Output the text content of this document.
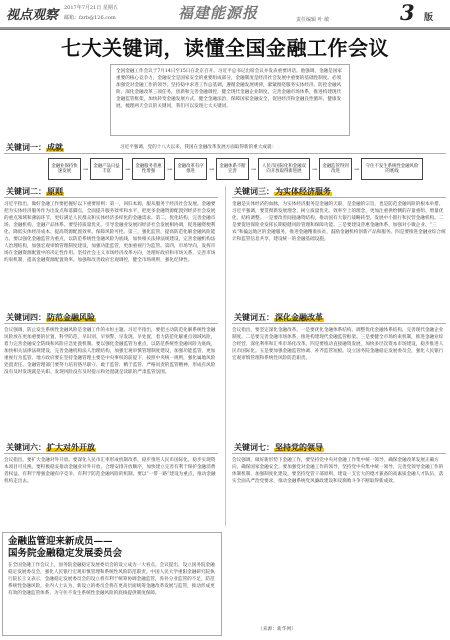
视点观察 2017年7月21日 星期五
邮箱：fzrb@126.com	福建能源报	责任编辑 叶 敏	3 版
七大关键词，读懂全国金融工作会议
全国金融工作会议于7月14日至15日在北京召开。习近平总书记出席会议并发表重要讲话。他强调，金融是国家重要的核心竞争力，金融安全是国家安全的重要组成部分，金融制度是经济社会发展中重要的基础性制度。必须加强党对金融工作的领导，坚持稳中求进工作总基调，遵循金融发展规律，紧紧围绕服务实体经济、防控金融风险、深化金融改革三项任务，创新和完善金融调控，健全现代金融企业制度，完善金融市场体系，推进构建现代金融监管框架，加快转变金融发展方式，健全金融法治，保障国家金融安全，促进经济和金融良性循环、健康发展。梳理两天会议的关键词，我们可以发现七大关键词。
关键词一：成就	习近平强调，党的十八大以来，我国在金融改革发展方面取得新的重大成就：
金融业保持快速发展	→	金融产品日益丰富	→	金融服务普惠性增强	→	金融改革有序推进	→	金融体系不断完善	→	人民币国际化和金融双向开放取得新进展	→	金融监管得到改进	→	守住不发生系统性金融风险的底线
关键词二：原则
习近平指出，做好金融工作要把握好以下重要原则：第一，回归本源，服从服务于经济社会发展。金融要把为实体经济服务作为出发点和落脚点，全面提升服务效率和水平，把更多金融资源配置到经济社会发展的重点领域和薄弱环节，更好满足人民群众和实体经济多样化的金融需求。第二，优化结构，完善金融市场、金融机构、金融产品体系。要坚持质量优先，引导金融业发展同经济社会发展相协调，促进融资便利化、降低实体经济成本、提高资源配置效率、保障风险可控。第三，强化监管，提高防范化解金融风险能力。要以强化金融监管为重点，以防范系统性金融风险为底线，加快相关法律法规建设，完善金融机构法人治理结构，加强宏观审慎管理制度建设，加强功能监管，更加重视行为监管。第四，市场导向，发挥市场在金融资源配置中的决定性作用。坚持社会主义市场经济改革方向，处理好政府和市场关系，完善市场约束机制，提高金融资源配置效率。加强和改善政府宏观调控，健全市场规则，强化纪律性。
关键词三：为实体经济服务
金融是实体经济的血脉，为实体经济服务是金融的天职，是金融的宗旨，也是防范金融风险的根本举措。习近平强调，要贯彻新发展理念，树立质量优先、效率至上的理念，更加注重供给侧的存量重组、增量优化、结构调整。一是要改善间接融资结构，推动国有大银行战略转型，发展中小银行和民营金融机构。二是要促进保险业发挥长期稳健风险管理和保障功能。三是要建设普惠金融体系，加强对小微企业、“三农”和偏远地区的金融服务，推进金融精准扶贫，鼓励金融机构创新产品和服务。四是要推进金融业综合统计和监管信息共享，建设统一的金融基础设施。
关键词四：防范金融风险
会议强调，防止发生系统性金融风险是金融工作的永恒主题。习近平指出，要把主动防范化解系统性金融风险放在更加重要的位置，科学防范，早识别、早预警、早发现、早处置，着力防范化解重点领域风险，着力完善金融安全防线和风险应急处置机制。要以强化金融监管为重点，以防范系统性金融风险为底线，加快相关法律法规建设，完善金融机构法人治理结构，加强宏观审慎管理制度建设，加强功能监管，更加重视行为监管。地方政府要在坚持金融管理主要是中央事权的前提下，按照中央统一规则，强化属地风险处置责任。金融管理部门要努力培育恪尽职守、敢于监管、精于监管、严格问责的监管精神，形成有风险没有及时发现就是失职、发现风险没有及时提示和处置就是渎职的严肃监管氛围。
关键词五：深化金融改革
会议指出，要坚定深化金融改革。一是要优化金融体系结构，调整优化金融体系结构，完善现代金融企业制度。二是要完善金融市场体系，推进构建现代金融监管框架。三是要健全市场约束机制，推进金融业综合经营，深化利率和汇率市场化改革。四是要推动直接融资发展，加快多层次资本市场建设，稳步推进人民币国际化。五是要加强金融监管协调、补齐监管短板。设立国务院金融稳定发展委员会，强化人民银行宏观审慎管理和系统性风险防范职责。
关键词六：扩大对外开放
会议指出，要扩大金融对外开放。要深化人民币汇率形成机制改革，稳步推进人民币国际化，稳步实现资本项目可兑换。要积极稳妥推动金融业对外开放，合理安排开放顺序，加快建立完善有利于保护金融消费者权益、有利于增强金融有序竞争、有利于防范金融风险的机制。要以“一带一路”建设为重点，推动金融机构走出去。
关键词七：坚持党的领导
会议强调，做好新形势下金融工作，要坚持党中央对金融工作集中统一领导，确保金融改革发展正确方向，确保国家金融安全。要加强党对金融工作的领导，坚持党中央集中统一领导，完善党领导金融工作的体制机制，加强制度化建设。要坚持党管干部原则，建设一支宏大的德才兼备的高素质金融人才队伍，落实全面从严治党要求，推动金融系统党风廉政建设和反腐败斗争不断取得新成效。
金融监管迎来新成员——
国务院金融稳定发展委员会
在全国金融工作会议上，国务院金融稳定发展委员会的设立成为一大看点。会议提出，设立国务院金融稳定发展委员会，强化人民银行宏观审慎管理和系统性风险防范职责。中国人民大学重阳金融研究院执行院长王文表示，金融稳定发展委员会的设立将有利于统筹协调金融监管，弥补分业监管的不足，防范系统性金融风险。业内人士认为，新设立的委员会将在更高层面统筹金融改革发展与监管，推动形成更有效的金融监管体系，为守住不发生系统性金融风险的底线提供制度保障。
（来源：新华网）
